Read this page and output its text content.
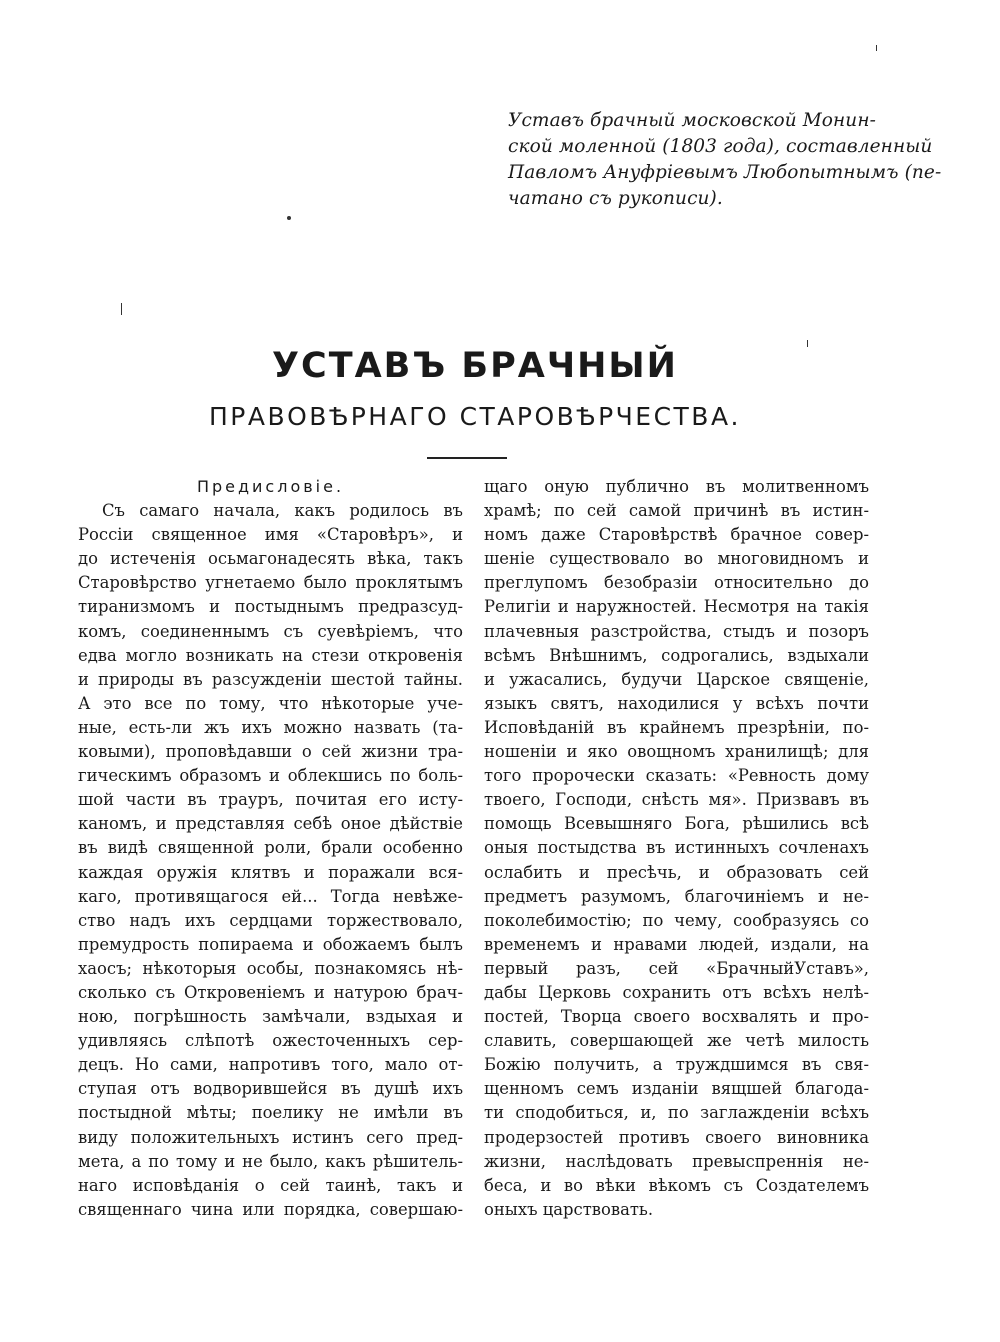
Уставъ брачный московской Монин-
ской моленной (1803 года), составленный
Павломъ Ануфріевымъ Любопытнымъ (пе-
чатано съ рукописи).
УСТАВЪ БРАЧНЫЙ
ПРАВОВѢРНАГО СТАРОВѢРЧЕСТВА.
Предисловіе.
Съ самаго начала, какъ родилось въ
Россіи священное имя «Старовѣръ», и
до истеченія осьмагонадесять вѣка, такъ
Старовѣрство угнетаемо было проклятымъ
тиранизмомъ и постыднымъ предразсуд-
комъ, соединеннымъ съ суевѣріемъ, что
едва могло возникать на стези откровенія
и природы въ разсужденіи шестой тайны.
А это все по тому, что нѣкоторые уче-
ные, есть-ли жъ ихъ можно назвать (та-
ковыми), проповѣдавши о сей жизни тра-
гическимъ образомъ и облекшись по боль-
шой части въ трауръ, почитая его исту-
каномъ, и представляя себѣ оное дѣйствіе
въ видѣ священной роли, брали особенно
каждая оружія клятвъ и поражали вся-
каго, противящагося ей... Тогда невѣже-
ство надъ ихъ сердцами торжествовало,
премудрость попираема и обожаемъ былъ
хаосъ; нѣкоторыя особы, познакомясь нѣ-
сколько съ Откровеніемъ и натурою брач-
ною, погрѣшность замѣчали, вздыхая и
удивляясь слѣпотѣ ожесточенныхъ сер-
децъ. Но сами, напротивъ того, мало от-
ступая отъ водворившейся въ душѣ ихъ
постыдной мѣты; поелику не имѣли въ
виду положительныхъ истинъ сего пред-
мета, а по тому и не было, какъ рѣшитель-
наго исповѣданія о сей таинѣ, такъ и
священнаго чина или порядка, совершаю-
щаго оную публично въ молитвенномъ
храмѣ; по сей самой причинѣ въ истин-
номъ даже Старовѣрствѣ брачное совер-
шеніе существовало во многовидномъ и
преглупомъ безобразіи относительно до
Религіи и наружностей. Несмотря на такія
плачевныя разстройства, стыдъ и позоръ
всѣмъ Внѣшнимъ, содрогались, вздыхали
и ужасались, будучи Царское священіе,
языкъ святъ, находилися у всѣхъ почти
Исповѣданій въ крайнемъ презрѣніи, по-
ношеніи и яко овощномъ хранилищѣ; для
того пророчески сказать: «Ревность дому
твоего, Господи, снѣсть мя». Призвавъ въ
помощь Всевышняго Бога, рѣшились всѣ
оныя постыдства въ истинныхъ сочленахъ
ослабить и пресѣчь, и образовать сей
предметъ разумомъ, благочиніемъ и не-
поколебимостію; по чему, сообразуясь со
временемъ и нравами людей, издали, на
первый разъ, сей «БрачныйУставъ»,
дабы Церковь сохранить отъ всѣхъ нелѣ-
постей, Творца своего восхвалять и про-
славить, совершающей же четѣ милость
Божію получить, а труждшимся въ свя-
щенномъ семъ изданіи вящшей благода-
ти сподобиться, и, по заглажденіи всѣхъ
продерзостей противъ своего виновника
жизни, наслѣдовать превыспреннія не-
беса, и во вѣки вѣкомъ съ Создателемъ
оныхъ царствовать.
